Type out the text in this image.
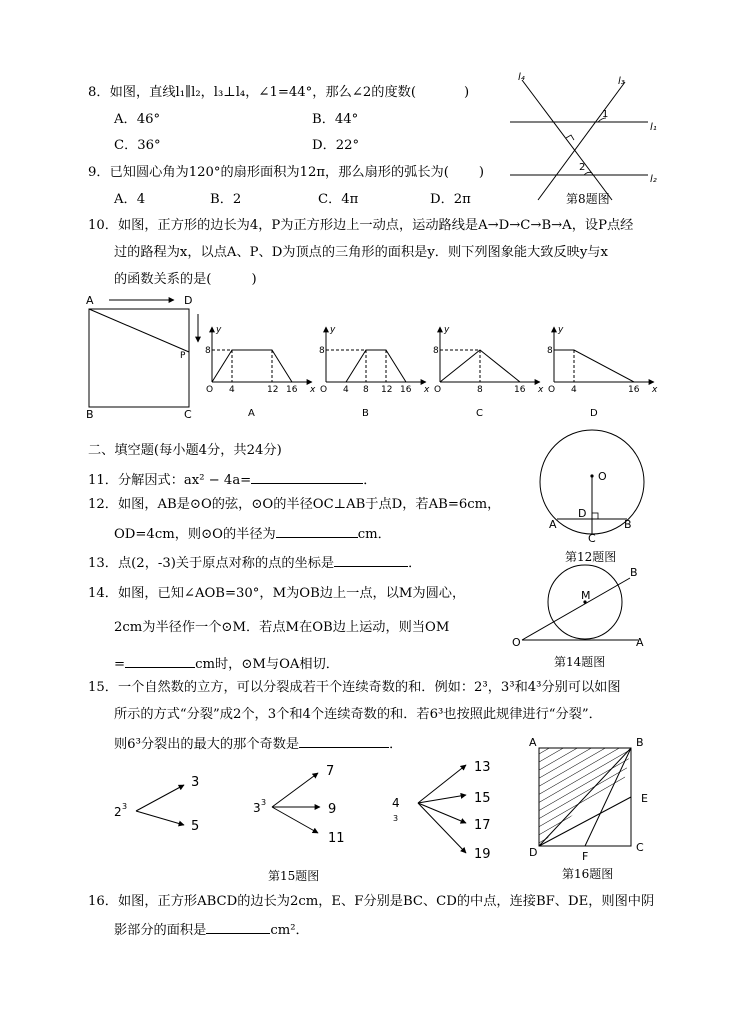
8．如图，直线l₁∥l₂，l₃⊥l₄，∠1=44°，那么∠2的度数(	)
A．46°	B．44°
C．36°	D．22°
l₄	l₃
l₁
l₂
1
2
第8题图
9．已知圆心角为120°的扇形面积为12π，那么扇形的弧长为( )
A．4	B．2	C．4π	D．2π
10．如图，正方形的边长为4，P为正方形边上一动点，运动路线是A→D→C→B→A，设P点经
过的路程为x，以点A、P、D为顶点的三角形的面积是y．则下列图象能大致反映y与x
的函数关系的是(	)
A	D
P
B	C
O
8
y
x
4	12 16
A
O
8
y
x
4 8 12 16
B
O
8
y
x
8	16
C
O
8
y
x
4	16
D
二、填空题(每小题4分，共24分)
11．分解因式：ax² − 4a=	．
12．如图，AB是⊙O的弦，⊙O的半径OC⊥AB于点D，若AB=6cm，
OD=4cm，则⊙O的半径为	cm．
O
D
A	B
C
第12题图
13．点(2，-3)关于原点对称的点的坐标是	．
14．如图，已知∠AOB=30°，M为OB边上一点，以M为圆心，
2cm为半径作一个⊙M．若点M在OB边上运动，则当OM
=	cm时，⊙M与OA相切．
O	A
B
M
第14题图
15．一个自然数的立方，可以分裂成若干个连续奇数的和．例如：2³，3³和4³分别可以如图
所示的方式“分裂”成2个，3个和4个连续奇数的和．若6³也按照此规律进行“分裂”．
则6³分裂出的最大的那个奇数是	．
2 3
3
5
3 3
7
9
11
4
3
13
15
17
19
第15题图
A	B
E
C
D	F
第16题图
16．如图，正方形ABCD的边长为2cm，E、F分别是BC、CD的中点，连接BF、DE，则图中阴
影部分的面积是	cm²．
